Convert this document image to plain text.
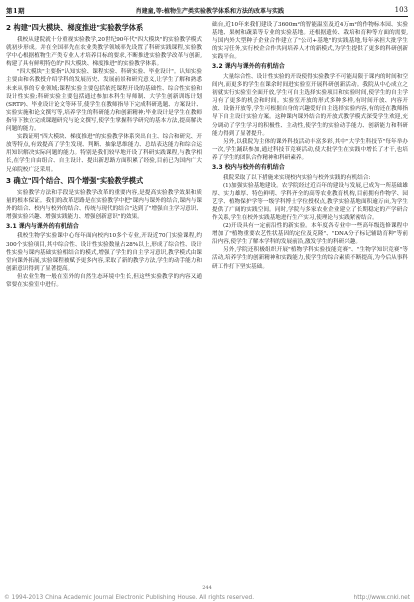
第1期	肖建童,等:植物生产类实验教学体系和方法的改革与实践	103
2 构建"四大模块、梯度推进"实验教学体系

我校从建院就十分重视实验教学,20世纪90年代"四大模块"的实验教学模式就初步形成。并在全国率先在农业类教学领域率先设置了科研实践课程,实验教学中心根据植物生产类专业人才培养目标的要求,不断推进实验教学改革与创新,构建了具有鲜明特色的"四大模块、梯度推进"的实验教学体系。

"四大模块"主要指"认知实验、课程实验、科研实验、毕业设计"。认知实验主要由和名教授介绍学科的发展历史、发展前景和研究意义,让学生了解和熟悉未来从事的专业领域;课程实验主要包括依托课程开设的基础性、综合性实验和设计性实验;科研实验主要包括通过参加本科生导师制、大学生创新训练计划(SRTP)、毕业设计论文等环节,使学生在教师指导下完成科研选题、方案设计、实验实施和论文撰写等,培养学生的科研能力和创新精神;毕业设计是学生在教师指导下独立完成课题研究与论文撰写,使学生掌握科学研究的基本方法,提高解决问题的能力。

实践证明"四大模块、梯度推进"的实验教学体系突出自主、综合和研究、开放等特点,有效提高了学生发现、判断、抽象思维能力、总结表达能力和综合运用知识解决实际问题的能力。特别是我们较早地开设了科研实践课程,与教学相长,在学生自由组合、自主设计、提出新思路方面积累了经验,目前已为国内广大兄弟院校广泛采用。

3 确立"四个结合、四个增强"实验教学模式

实验教学方法和手段是实验教学改革的重要内容,是提高实验教学效果和质量的根本保证。我们的改革思路是在实验教学中把"课内与课外的结合,课内与课外的结合、校内与校外的结合、传统与现代的结合"达到了"增强自主学习意识、增强实验兴趣、增强实践能力、增强创新意识"的效果。

3.1 课内与课外的有机结合

我校生物学实验课中心每年面向校内10多个专业,开设近70门实验课程,约300个实验项目,其中综合性、设计性实验数量占28%以上,形成了综合性、设计性实验与课内基础实验相结合的模式,增强了学生的自主学习意识,教学模式由课堂向课外拓展,实验课程被赋予更多内容,采取了新的教学方法,学生的动手能力和创新意识得到了显著提高。

但农业生物一般在室外的自然生态环境中生长,但这些实验教学的内容又通常要在实验室中进行。

础台,近10年来我们建设了3600m²的智能温室及近4万m²的作物标本园、实验基地、果树和蔬菜等专业的实验基地。还根据遗传、栽培和育种等方面的需要,与国内外大型种子企业合作建立了"公司+基地"的实践基地,每年承担大批学生的实习任务,实行校企合作共同培养人才的新模式,为学生提供了更多的科研创新实践平台。

3.2 课内与课外的有机结合

大量综合性、设计性实验的开设使得实验教学不可能局限于课内的时间和空间内,而更多的学生在课余时间进实验室开展科研创新活动。我院从中心成立之初就实行实验室全面开放,学生可自主选择实验项目和实验时间,使学生的自主学习有了更多的机会和时间。实验室开放的形式多种多样,有时间开放、内容开放、设备开放等,学生可根据自身的兴趣爱好自主选择实验内容,有的还在教师指导下自主设计实验方案。这种课内课外结合的开放式教学模式深受学生欢迎,充分调动了学生学习的积极性、主动性,使学生的实验动手能力、创新能力和科研能力得到了显著提升。

另外,以我院为主体的课外科技活动丰富多彩,其中"大学生科技节"每年举办一次,学生踊跃参加,通过科技节竞赛活动,使大批学生在实践中增长了才干,也培养了学生的团队合作精神和科研素养。

3.3 校内与校外的有机结合

我院采取了以下措施来实现校内实验与校外实践的有机结合:

(1)加强实验基地建设。农学院经过近百年的建设与发展,已成为一所基础雄厚、实力雄厚、特色鲜明、学科齐全的高等农业教育机构,目前拥有作物学、园艺学、植物保护学等一级学科博士学位授权点,教学实验基地面积逾万亩,为学生提供了广阔的实践空间。同时,学院与多家农业企业建立了长期稳定的产学研合作关系,学生在校外实践基地进行生产实习,使理论与实践紧密结合。

(2)开设具有一定前沿性的新实验。本年度各专业中一些高年级选修课程中增加了"植物重要农艺性状基因的定位及克隆"、"DNA分子标记辅助育种"等前沿内容,使学生了解本学科的发展前沿,激发学生的科研兴趣。

另外,学院还积极组织开展"植物学科实验技能竞赛"、"生物学知识竞赛"等活动,培养学生的创新精神和实践能力,使学生的综合素质不断提高,为今后从事科研工作打下坚实基础。

244
© 1994-2013 China Academic Journal Electronic Publishing House. All rights reserved.	http://www.cnki.net
